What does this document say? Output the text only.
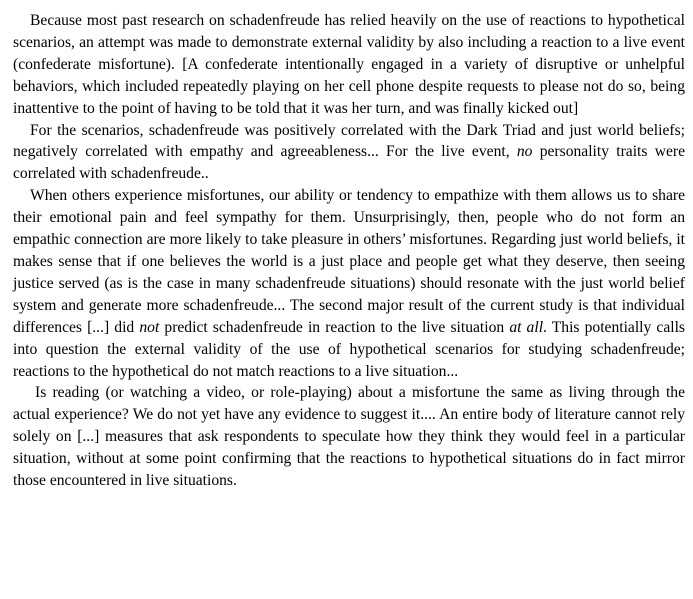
Because most past research on schadenfreude has relied heavily on the use of reactions to hypothetical scenarios, an attempt was made to demonstrate external validity by also including a reaction to a live event (confederate misfortune). [A confederate intentionally engaged in a variety of disruptive or unhelpful behaviors, which included repeatedly playing on her cell phone despite requests to please not do so, being inattentive to the point of having to be told that it was her turn, and was finally kicked out]

For the scenarios, schadenfreude was positively correlated with the Dark Triad and just world beliefs; negatively correlated with empathy and agreeableness... For the live event, no personality traits were correlated with schadenfreude..

When others experience misfortunes, our ability or tendency to empathize with them allows us to share their emotional pain and feel sympathy for them. Unsurprisingly, then, people who do not form an empathic connection are more likely to take pleasure in others’ misfortunes. Regarding just world beliefs, it makes sense that if one believes the world is a just place and people get what they deserve, then seeing justice served (as is the case in many schadenfreude situations) should resonate with the just world belief system and generate more schadenfreude... The second major result of the current study is that individual differences [...] did not predict schadenfreude in reaction to the live situation at all. This potentially calls into question the external validity of the use of hypothetical scenarios for studying schadenfreude; reactions to the hypothetical do not match reactions to a live situation...

Is reading (or watching a video, or role-playing) about a misfortune the same as living through the actual experience? We do not yet have any evidence to suggest it.... An entire body of literature cannot rely solely on [...] measures that ask respondents to speculate how they think they would feel in a particular situation, without at some point confirming that the reactions to hypothetical situations do in fact mirror those encountered in live situations.
